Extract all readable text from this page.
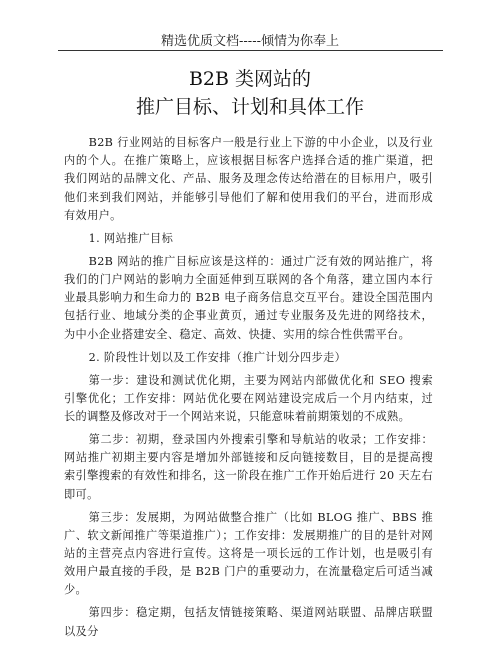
精选优质文档-----倾情为你奉上
B2B 类网站的
推广目标、计划和具体工作

B2B 行业网站的目标客户一般是行业上下游的中小企业，以及行业内的个人。在推广策略上，应该根据目标客户选择合适的推广渠道，把我们网站的品牌文化、产品、服务及理念传达给潜在的目标用户，吸引他们来到我们网站，并能够引导他们了解和使用我们的平台，进而形成有效用户。

1. 网站推广目标

B2B 网站的推广目标应该是这样的：通过广泛有效的网站推广，将我们的门户网站的影响力全面延伸到互联网的各个角落，建立国内本行业最具影响力和生命力的 B2B 电子商务信息交互平台。建设全国范围内包括行业、地域分类的企事业黄页，通过专业服务及先进的网络技术，为中小企业搭建安全、稳定、高效、快捷、实用的综合性供需平台。

2. 阶段性计划以及工作安排（推广计划分四步走）

第一步：建设和测试优化期，主要为网站内部做优化和 SEO 搜索引擎优化；工作安排：网站优化要在网站建设完成后一个月内结束，过长的调整及修改对于一个网站来说，只能意味着前期策划的不成熟。

第二步：初期，登录国内外搜索引擎和导航站的收录；工作安排：网站推广初期主要内容是增加外部链接和反向链接数目，目的是提高搜索引擎搜索的有效性和排名，这一阶段在推广工作开始后进行 20 天左右即可。

第三步：发展期，为网站做整合推广（比如 BLOG 推广、BBS 推广、软文新闻推广等渠道推广）；工作安排：发展期推广的目的是针对网站的主营亮点内容进行宣传。这将是一项长远的工作计划，也是吸引有效用户最直接的手段，是 B2B 门户的重要动力，在流量稳定后可适当减少。

第四步：稳定期，包括友情链接策略、渠道网站联盟、品牌店联盟以及分
